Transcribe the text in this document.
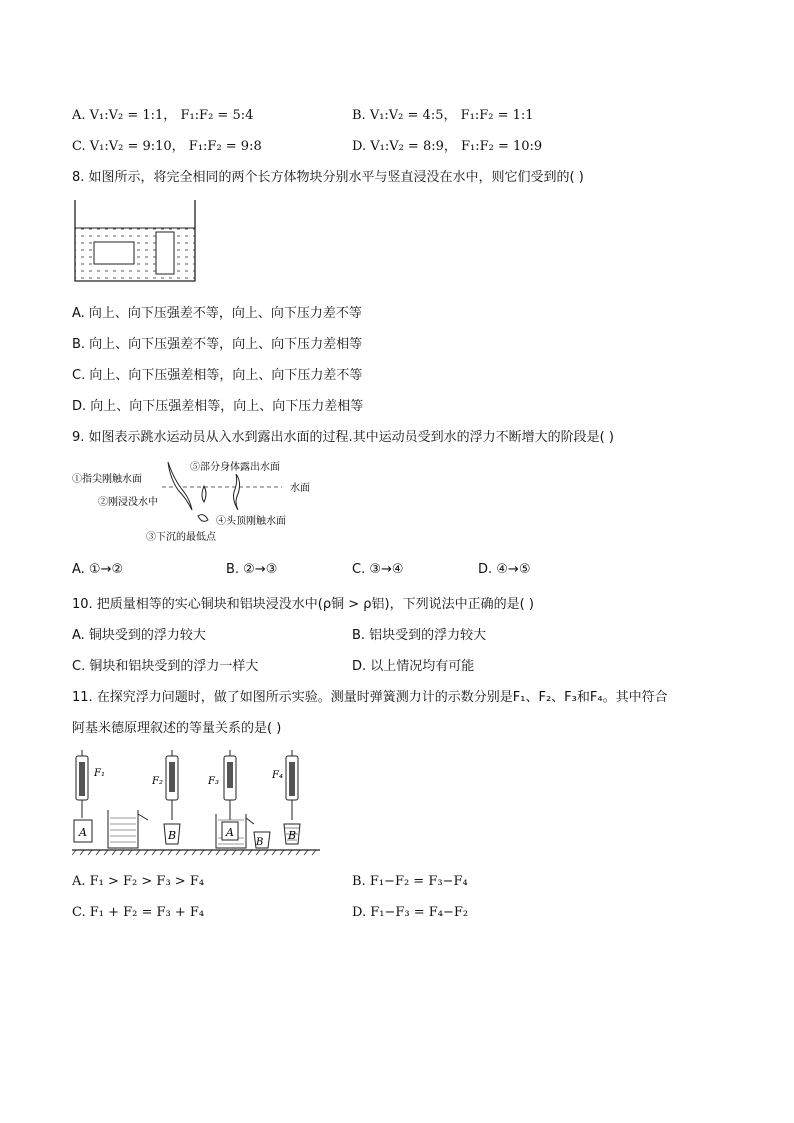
A. V₁:V₂ = 1:1， F₁:F₂ = 5:4	B. V₁:V₂ = 4:5， F₁:F₂ = 1:1
C. V₁:V₂ = 9:10， F₁:F₂ = 9:8	D. V₁:V₂ = 8:9， F₁:F₂ = 10:9
8. 如图所示，将完全相同的两个长方体物块分别水平与竖直浸没在水中，则它们受到的( )
A. 向上、向下压强差不等，向上、向下压力差不等
B. 向上、向下压强差不等，向上、向下压力差相等
C. 向上、向下压强差相等，向上、向下压力差不等
D. 向上、向下压强差相等，向上、向下压力差相等
9. 如图表示跳水运动员从入水到露出水面的过程.其中运动员受到水的浮力不断增大的阶段是( )
①指尖刚触水面
②刚浸没水中
③下沉的最低点
④头顶刚触水面
⑤部分身体露出水面
水面
A. ①→②	B. ②→③	C. ③→④	D. ④→⑤
10. 把质量相等的实心铜块和铝块浸没水中(ρ铜 > ρ铝)，下列说法中正确的是( )
A. 铜块受到的浮力较大	B. 铝块受到的浮力较大
C. 铜块和铝块受到的浮力一样大	D. 以上情况均有可能
11. 在探究浮力问题时，做了如图所示实验。测量时弹簧测力计的示数分别是F₁、F₂、F₃和F₄。其中符合
阿基米德原理叙述的等量关系的是( )
A
F₁
B
F₂
A
F₃
B
B
F₄
A. F₁ > F₂ > F₃ > F₄	B. F₁−F₂ = F₃−F₄
C. F₁ + F₂ = F₃ + F₄	D. F₁−F₃ = F₄−F₂
